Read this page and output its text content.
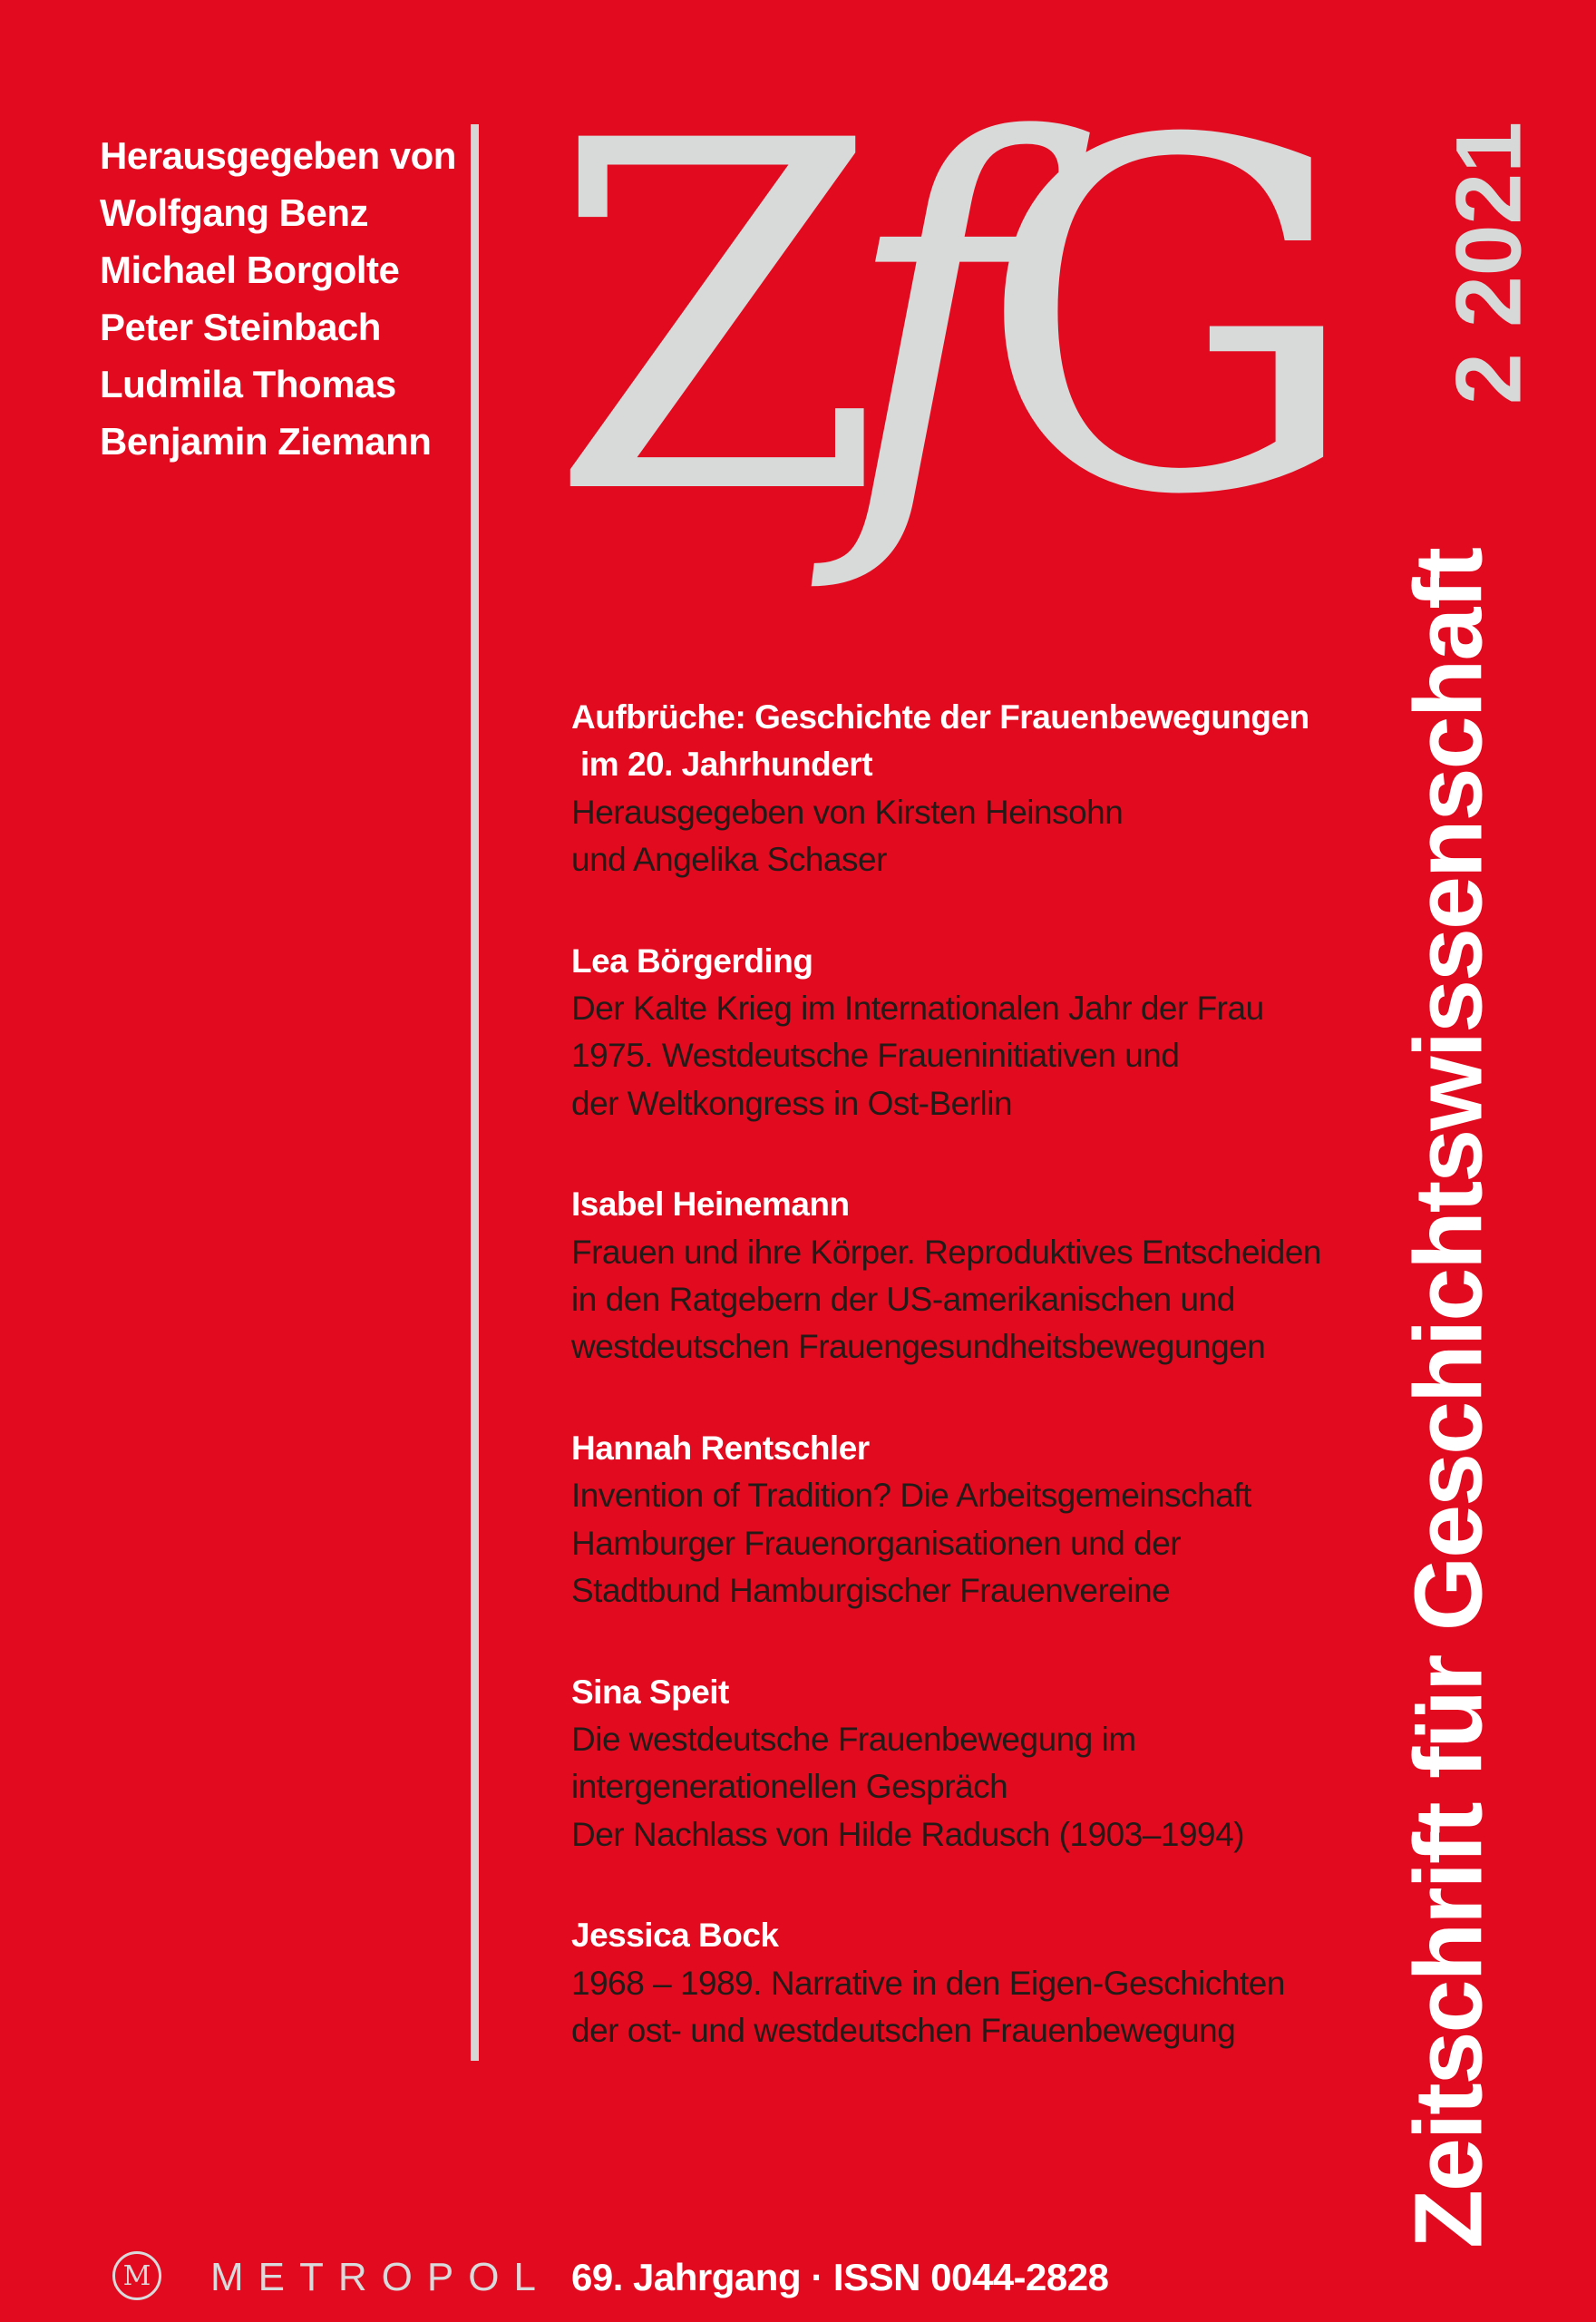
Herausgegeben von
Wolfgang Benz
Michael Borgolte
Peter Steinbach
Ludmila Thomas
Benjamin Ziemann ZfG 2 2021
Zeitschrift für Geschichtswissenschaft
Aufbrüche: Geschichte der Frauenbewegungen
im 20. Jahrhundert
Herausgegeben von Kirsten Heinsohn
und Angelika Schaser
Lea Börgerding
Der Kalte Krieg im Internationalen Jahr der Frau
1975. Westdeutsche Fraueninitiativen und
der Weltkongress in Ost-Berlin
Isabel Heinemann
Frauen und ihre Körper. Reproduktives Entscheiden
in den Ratgebern der US-amerikanischen und
westdeutschen Frauengesundheitsbewegungen
Hannah Rentschler
Invention of Tradition? Die Arbeitsgemeinschaft
Hamburger Frauenorganisationen und der
Stadtbund Hamburgischer Frauenvereine
Sina Speit
Die westdeutsche Frauenbewegung im
intergenerationellen Gespräch
Der Nachlass von Hilde Radusch (1903–1994)
Jessica Bock
1968 – 1989. Narrative in den Eigen-Geschichten
der ost- und westdeutschen Frauenbewegung
M METROPOL 69. Jahrgang · ISSN 0044-2828
